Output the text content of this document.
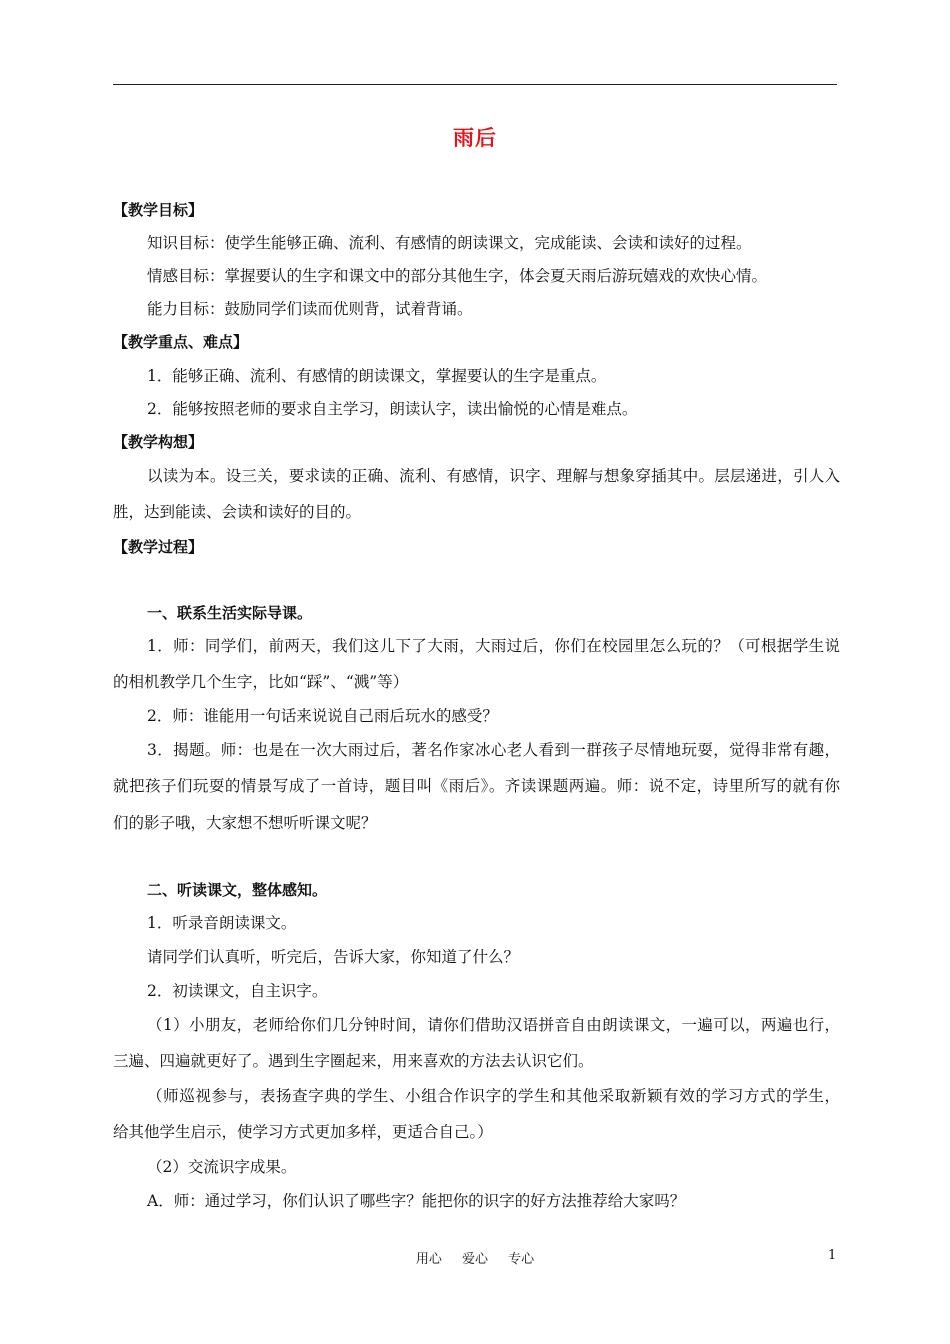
雨后
【教学目标】
知识目标：使学生能够正确、流利、有感情的朗读课文，完成能读、会读和读好的过程。
情感目标：掌握要认的生字和课文中的部分其他生字，体会夏天雨后游玩嬉戏的欢快心情。
能力目标：鼓励同学们读而优则背，试着背诵。
【教学重点、难点】
1．能够正确、流利、有感情的朗读课文，掌握要认的生字是重点。
2．能够按照老师的要求自主学习，朗读认字，读出愉悦的心情是难点。
【教学构想】
以读为本。设三关，要求读的正确、流利、有感情，识字、理解与想象穿插其中。层层递进，引人入
胜，达到能读、会读和读好的目的。
【教学过程】
一、联系生活实际导课。
1．师：同学们，前两天，我们这儿下了大雨，大雨过后，你们在校园里怎么玩的？（可根据学生说
的相机教学几个生字，比如“踩”、“溅”等）
2．师：谁能用一句话来说说自己雨后玩水的感受？
3．揭题。师：也是在一次大雨过后，著名作家冰心老人看到一群孩子尽情地玩耍，觉得非常有趣，
就把孩子们玩耍的情景写成了一首诗，题目叫《雨后》。齐读课题两遍。师：说不定，诗里所写的就有你
们的影子哦，大家想不想听听课文呢？
二、听读课文，整体感知。
1．听录音朗读课文。
请同学们认真听，听完后，告诉大家，你知道了什么？
2．初读课文，自主识字。
（1）小朋友，老师给你们几分钟时间，请你们借助汉语拼音自由朗读课文，一遍可以，两遍也行，
三遍、四遍就更好了。遇到生字圈起来，用来喜欢的方法去认识它们。
（师巡视参与，表扬查字典的学生、小组合作识字的学生和其他采取新颖有效的学习方式的学生，
给其他学生启示，使学习方式更加多样，更适合自己。）
（2）交流识字成果。
A．师：通过学习，你们认识了哪些字？能把你的识字的好方法推荐给大家吗？
用心 爱心 专心	1
